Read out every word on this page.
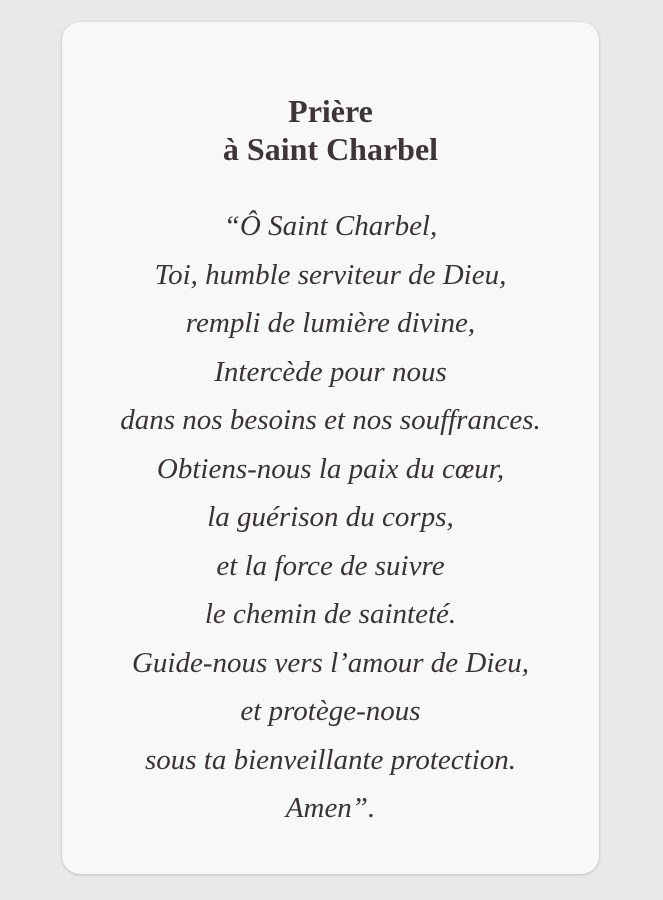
Prière
à Saint Charbel
“Ô Saint Charbel,
Toi, humble serviteur de Dieu,
rempli de lumière divine,
Intercède pour nous
dans nos besoins et nos souffrances.
Obtiens-nous la paix du cœur,
la guérison du corps,
et la force de suivre
le chemin de sainteté.
Guide-nous vers l’amour de Dieu,
et protège-nous
sous ta bienveillante protection.
Amen”.
